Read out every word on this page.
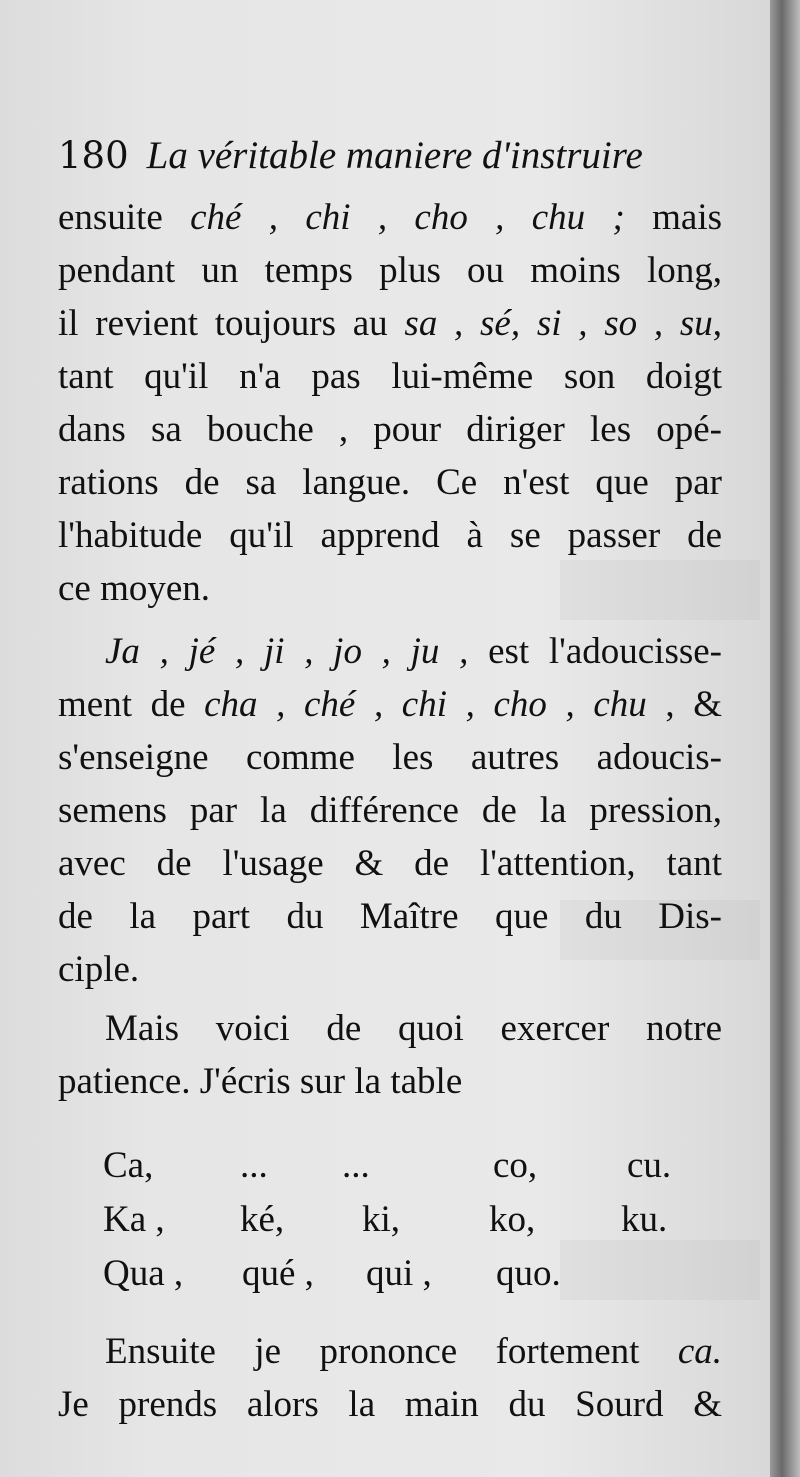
180 La véritable maniere d'instruire
ensuite ché , chi , cho , chu ; mais
pendant un temps plus ou moins long,
il revient toujours au sa , sé, si , so , su,
tant qu'il n'a pas lui-même son doigt
dans sa bouche , pour diriger les opé-
rations de sa langue. Ce n'est que par
l'habitude qu'il apprend à se passer de
ce moyen.
Ja , jé , ji , jo , ju , est l'adoucisse-
ment de cha , ché , chi , cho , chu , &
s'enseigne comme les autres adoucis-
semens par la différence de la pression,
avec de l'usage & de l'attention, tant
de la part du Maître que du Dis-
ciple.
Mais voici de quoi exercer notre
patience. J'écris sur la table
Ca, ... ...	co, cu.
Ka , ké, ki, ko, ku.
Qua , qué , qui , quo.
Ensuite je prononce fortement ca.
Je prends alors la main du Sourd &
